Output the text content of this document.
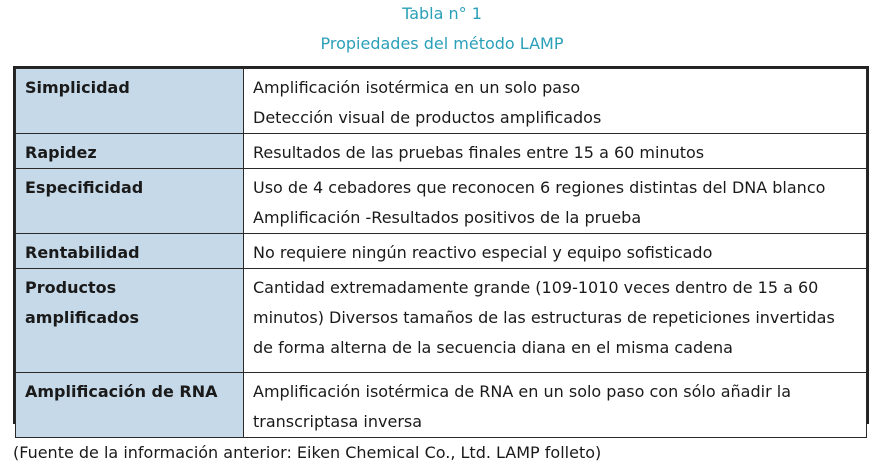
Tabla n° 1
Propiedades del método LAMP
Simplicidad	Amplificación isotérmica en un solo paso
Detección visual de productos amplificados

Rapidez	Resultados de las pruebas finales entre 15 a 60 minutos

Especificidad	Uso de 4 cebadores que reconocen 6 regiones distintas del DNA blanco
Amplificación -Resultados positivos de la prueba

Rentabilidad	No requiere ningún reactivo especial y equipo sofisticado

Productos amplificados	Cantidad extremadamente grande (109-1010 veces dentro de 15 a 60
minutos) Diversos tamaños de las estructuras de repeticiones invertidas
de forma alterna de la secuencia diana en el misma cadena

Amplificación de RNA	Amplificación isotérmica de RNA en un solo paso con sólo añadir la
transcriptasa inversa
(Fuente de la información anterior: Eiken Chemical Co., Ltd. LAMP folleto)
